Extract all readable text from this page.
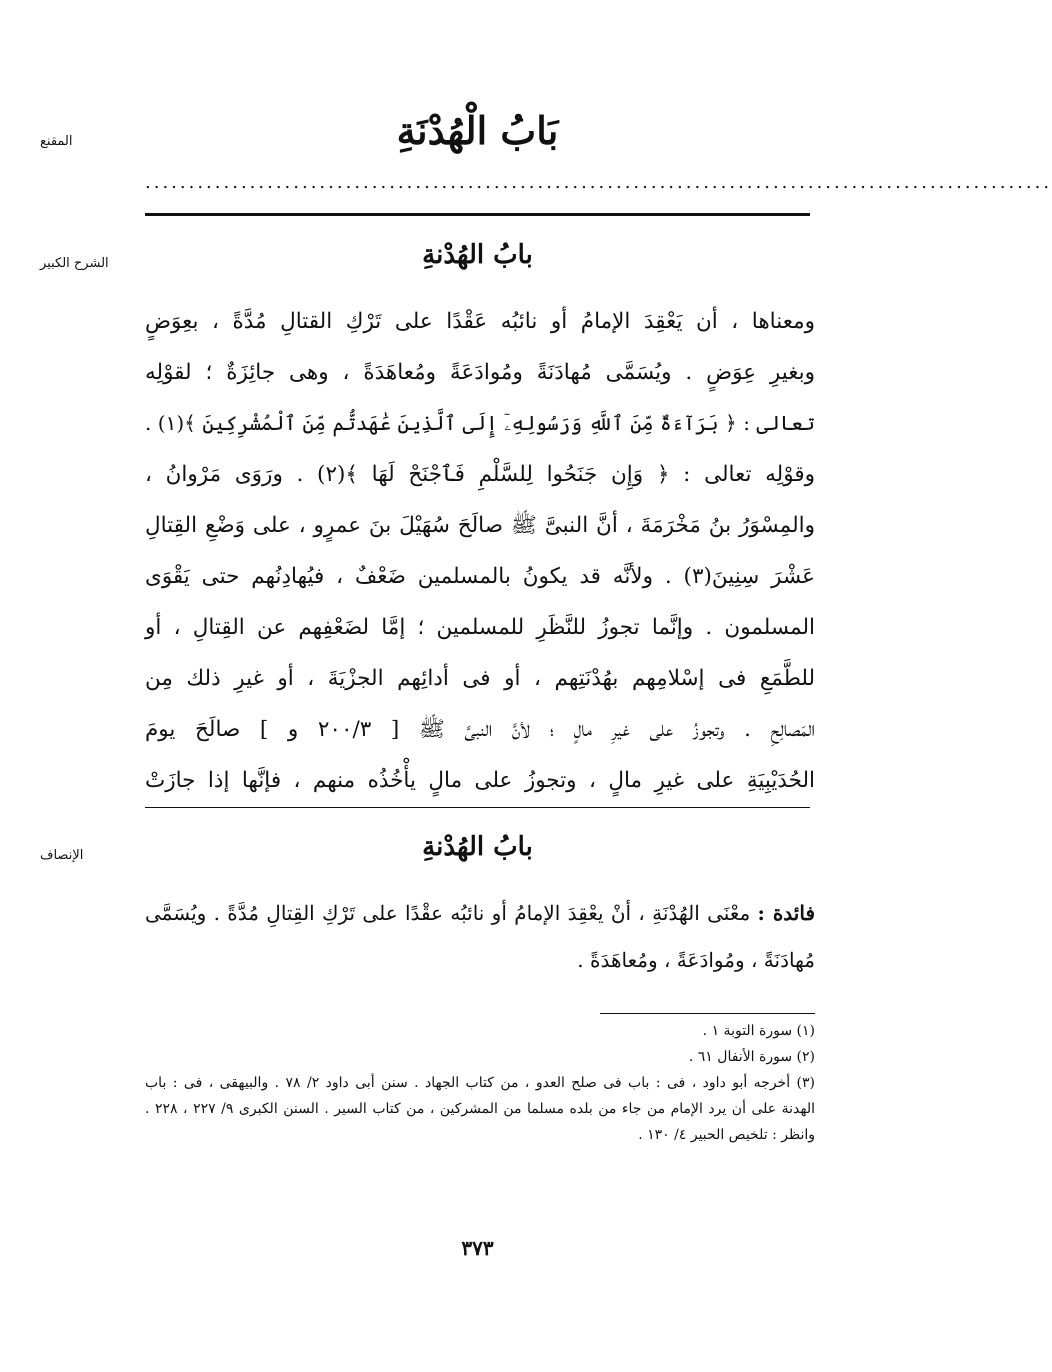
المقنع
الشرح الكبير
الإنصاف
بَابُ الْهُدْنَةِ
........................................................................................................
بابُ الهُدْنةِ
ومعناها ، أن يَعْقِدَ الإمامُ أو نائبُه عَقْدًا على تَرْكِ القتالِ مُدَّةً ، بعِوَضٍ
وبغيرِ عِوَضٍ . ويُسَمَّى مُهادَنَةً ومُوادَعَةً ومُعاهَدَةً ، وهى جائِزَةٌ ؛ لقوْلِه
تعالى : ﴿ بَرَآءَةٌ مِّنَ ٱللَّهِ وَرَسُولِهِۦٓ إِلَى ٱلَّذِينَ عَٰهَدتُّم مِّنَ ٱلْمُشْرِكِينَ ﴾(١) .
وقوْلِه تعالى : ﴿ وَإِن جَنَحُوا لِلسَّلْمِ فَٱجْنَحْ لَهَا ﴾(٢) . ورَوَى مَرْوانُ ،
والمِسْوَرُ بنُ مَخْرَمَةَ ، أنَّ النبىَّ ﷺ صالَحَ سُهَيْلَ بنَ عمرٍو ، على وَضْعِ القِتالِ
عَشْرَ سِنِينَ(٣) . ولأنَّه قد يكونُ بالمسلمين ضَعْفٌ ، فيُهادِنُهم حتى يَقْوَى
المسلمون . وإنَّما تجوزُ للنَّظَرِ للمسلمين ؛ إمَّا لضَعْفِهم عن القِتالِ ، أو
للطَّمَعِ فى إسْلامِهم بهُدْنَتِهم ، أو فى أدائِهم الجزْيَةَ ، أو غيرِ ذلك مِن
المَصالِحِ . وتجوزُ على غيرِ مالٍ ؛ لأنَّ النبىَّ ﷺ [ ٢٠٠/٣ و ] صالَحَ يومَ
الحُدَيْبِيَةِ على غيرِ مالٍ ، وتجوزُ على مالٍ يأْخُذُه منهم ، فإنَّها إذا جازَتْ
بابُ الهُدْنةِ
فائدة : معْنَى الهُدْنَةِ ، أنْ يعْقِدَ الإمامُ أو نائبُه عقْدًا على تَرْكِ القِتالِ مُدَّةً . ويُسَمَّى
مُهادَنَةً ، ومُوادَعَةً ، ومُعاهَدَةً .
(١) سورة التوبة ١ .
(٢) سورة الأنفال ٦١ .
(٣) أخرجه أبو داود ، فى : باب فى صلح العدو ، من كتاب الجهاد . سنن أبى داود ٢/ ٧٨ . والبيهقى ، فى : باب
الهدنة على أن يرد الإمام من جاء من بلده مسلما من المشركين ، من كتاب السير . السنن الكبرى ٩/ ٢٢٧ ، ٢٢٨ .
وانظر : تلخيص الحبير ٤/ ١٣٠ .
٣٧٣
